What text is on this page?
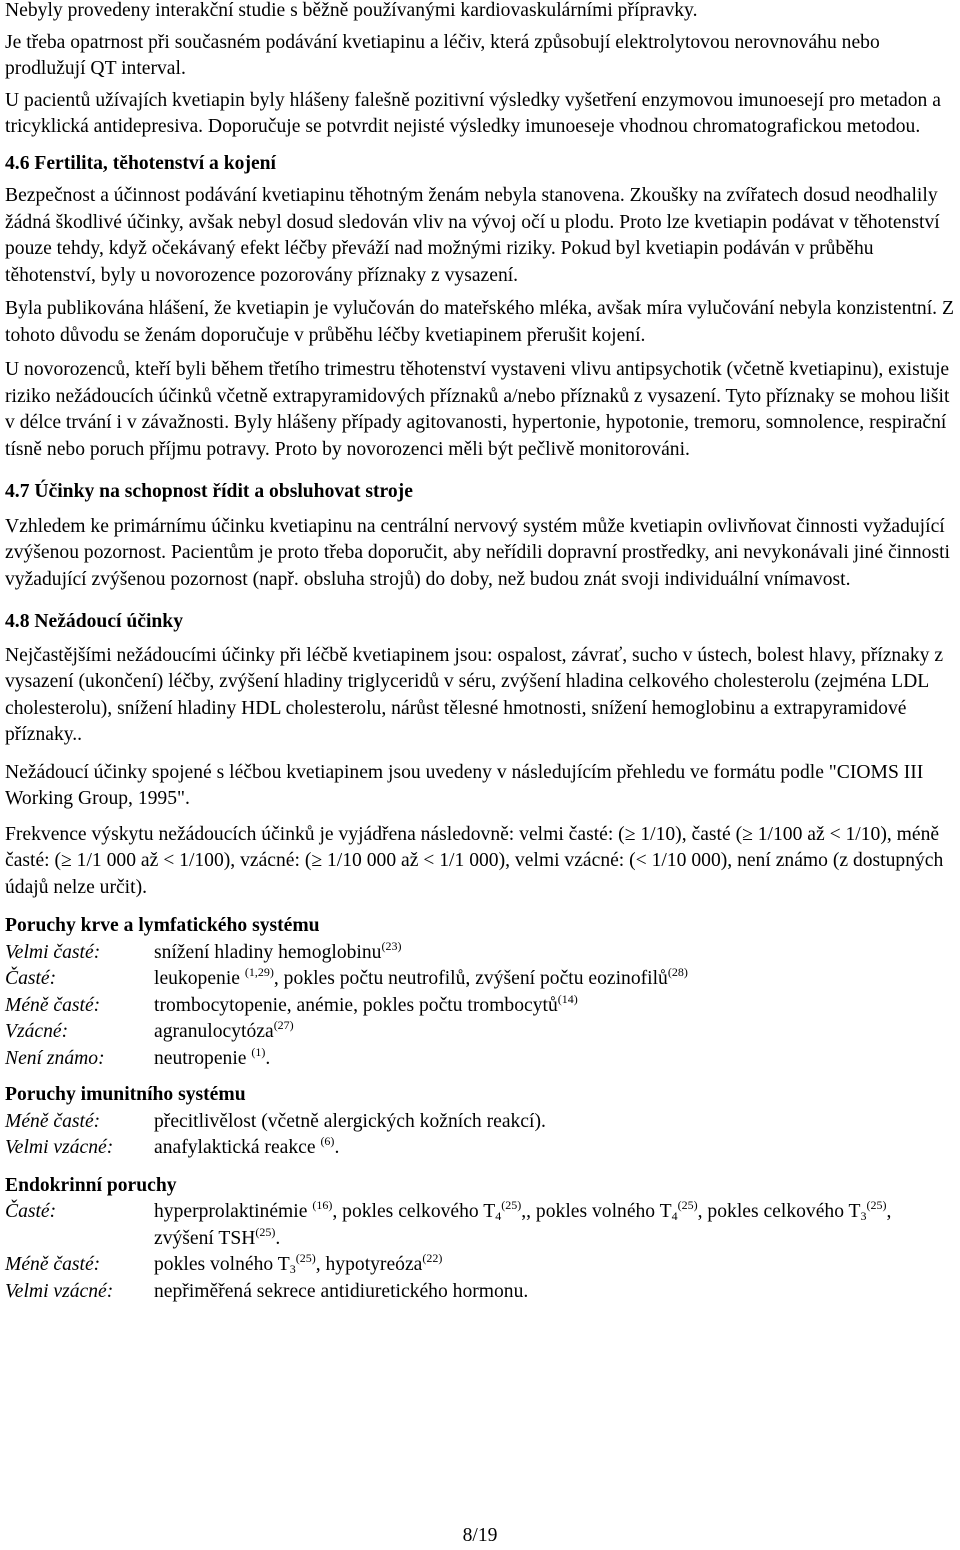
Nebyly provedeny interakční studie s běžně používanými kardiovaskulárními přípravky.

Je třeba opatrnost při současném podávání kvetiapinu a léčiv, která způsobují elektrolytovou nerovnováhu nebo prodlužují QT interval.

U pacientů užívajích kvetiapin byly hlášeny falešně pozitivní výsledky vyšetření enzymovou imunoesejí pro metadon a tricyklická antidepresiva. Doporučuje se potvrdit nejisté výsledky imunoeseje vhodnou chromatografickou metodou.

4.6 Fertilita, těhotenství a kojení

Bezpečnost a účinnost podávání kvetiapinu těhotným ženám nebyla stanovena. Zkoušky na zvířatech dosud neodhalily žádná škodlivé účinky, avšak nebyl dosud sledován vliv na vývoj očí u plodu. Proto lze kvetiapin podávat v těhotenství pouze tehdy, když očekávaný efekt léčby převáží nad možnými riziky. Pokud byl kvetiapin podáván v průběhu těhotenství, byly u novorozence pozorovány příznaky z vysazení.

Byla publikována hlášení, že kvetiapin je vylučován do mateřského mléka, avšak míra vylučování nebyla konzistentní. Z tohoto důvodu se ženám doporučuje v průběhu léčby kvetiapinem přerušit kojení.

U novorozenců, kteří byli během třetího trimestru těhotenství vystaveni vlivu antipsychotik (včetně kvetiapinu), existuje riziko nežádoucích účinků včetně extrapyramidových příznaků a/nebo příznaků z vysazení. Tyto příznaky se mohou lišit v délce trvání i v závažnosti. Byly hlášeny případy agitovanosti, hypertonie, hypotonie, tremoru, somnolence, respirační tísně nebo poruch příjmu potravy. Proto by novorozenci měli být pečlivě monitorováni.

4.7 Účinky na schopnost řídit a obsluhovat stroje

Vzhledem ke primárnímu účinku kvetiapinu na centrální nervový systém může kvetiapin ovlivňovat činnosti vyžadující zvýšenou pozornost. Pacientům je proto třeba doporučit, aby neřídili dopravní prostředky, ani nevykonávali jiné činnosti vyžadující zvýšenou pozornost (např. obsluha strojů) do doby, než budou znát svoji individuální vnímavost.

4.8 Nežádoucí účinky

Nejčastějšími nežádoucími účinky při léčbě kvetiapinem jsou: ospalost, závrať, sucho v ústech, bolest hlavy, příznaky z vysazení (ukončení) léčby, zvýšení hladiny triglyceridů v séru, zvýšení hladina celkového cholesterolu (zejména LDL cholesterolu), snížení hladiny HDL cholesterolu, nárůst tělesné hmotnosti, snížení hemoglobinu a extrapyramidové příznaky..

Nežádoucí účinky spojené s léčbou kvetiapinem jsou uvedeny v následujícím přehledu ve formátu podle "CIOMS III Working Group, 1995".

Frekvence výskytu nežádoucích účinků je vyjádřena následovně: velmi časté: (≥ 1/10), časté (≥ 1/100 až < 1/10), méně časté: (≥ 1/1 000 až < 1/100), vzácné: (≥ 1/10 000 až < 1/1 000), velmi vzácné: (< 1/10 000), není známo (z dostupných údajů nelze určit).

Poruchy krve a lymfatického systému

Velmi časté:	snížení hladiny hemoglobinu$^{(23)}$
Časté:	leukopenie $^{(1,29)}$, pokles počtu neutrofilů, zvýšení počtu eozinofilů$^{(28)}$
Méně časté:	trombocytopenie, anémie, pokles počtu trombocytů$^{(14)}$
Vzácné:	agranulocytóza$^{(27)}$
Není známo:	neutropenie $^{(1)}$.

Poruchy imunitního systému

Méně časté:	přecitlivělost (včetně alergických kožních reakcí).
Velmi vzácné:	anafylaktická reakce $^{(6)}$.

Endokrinní poruchy

Časté:	hyperprolaktinémie $^{(16)}$, pokles celkového $T_4^{(25)}$,, pokles volného $T_4^{(25)}$, pokles celkového $T_3^{(25)}$, zvýšení TSH$^{(25)}$.
Méně časté:	pokles volného $T_3^{(25)}$, hypotyreóza$^{(22)}$
Velmi vzácné:	nepřiměřená sekrece antidiuretického hormonu.
8/19
